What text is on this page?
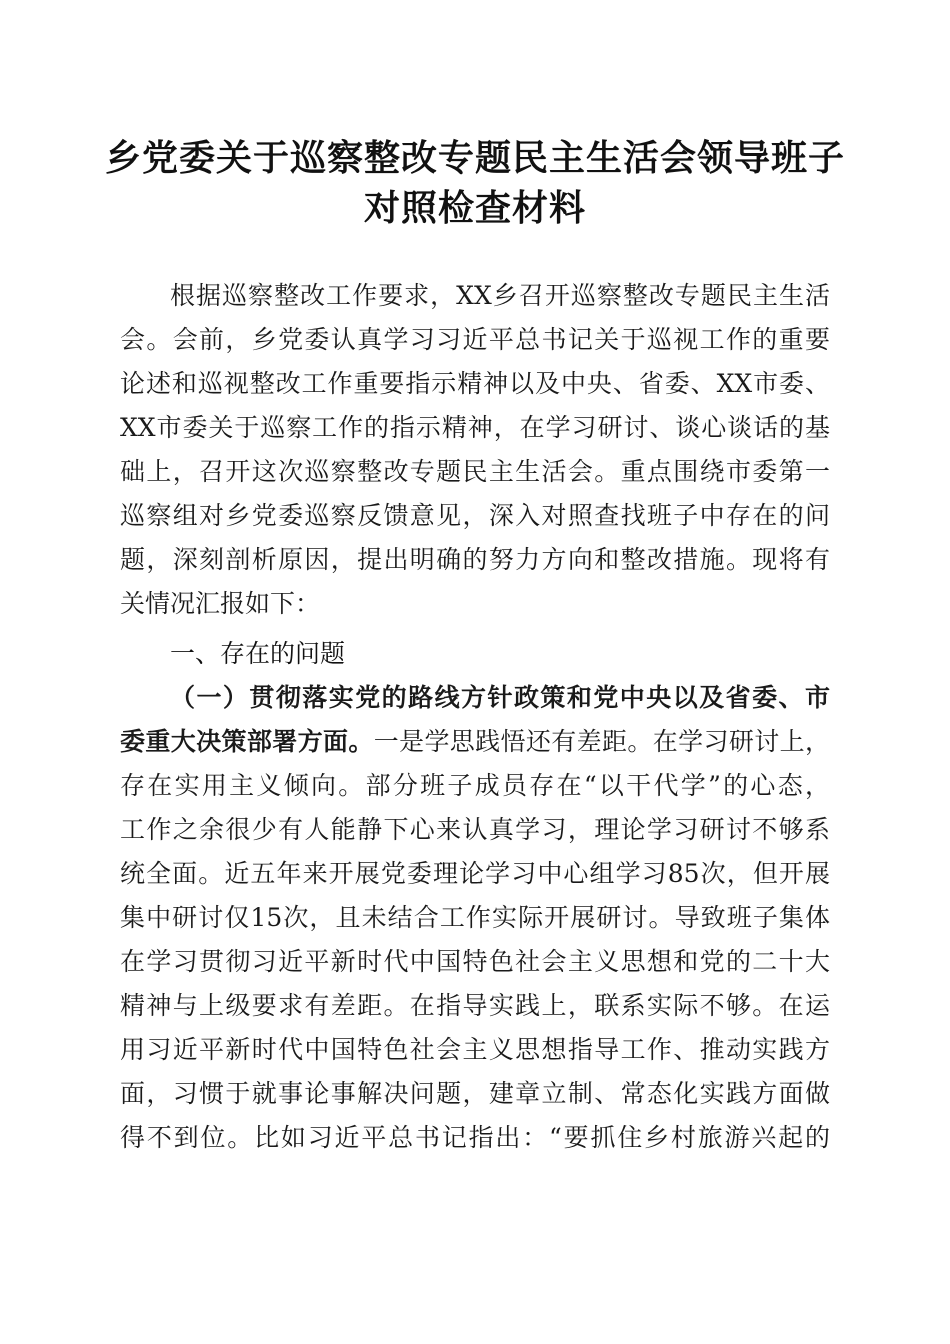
乡党委关于巡察整改专题民主生活会领导班子
对照检查材料
根据巡察整改工作要求，XX乡召开巡察整改专题民主生活
会。会前，乡党委认真学习习近平总书记关于巡视工作的重要
论述和巡视整改工作重要指示精神以及中央、省委、XX市委、
XX市委关于巡察工作的指示精神，在学习研讨、谈心谈话的基
础上，召开这次巡察整改专题民主生活会。重点围绕市委第一
巡察组对乡党委巡察反馈意见，深入对照查找班子中存在的问
题，深刻剖析原因，提出明确的努力方向和整改措施。现将有
关情况汇报如下：
一、存在的问题
（一）贯彻落实党的路线方针政策和党中央以及省委、市
委重大决策部署方面。一是学思践悟还有差距。在学习研讨上，
存在实用主义倾向。部分班子成员存在“以干代学”的心态，
工作之余很少有人能静下心来认真学习，理论学习研讨不够系
统全面。近五年来开展党委理论学习中心组学习85次，但开展
集中研讨仅15次，且未结合工作实际开展研讨。导致班子集体
在学习贯彻习近平新时代中国特色社会主义思想和党的二十大
精神与上级要求有差距。在指导实践上，联系实际不够。在运
用习近平新时代中国特色社会主义思想指导工作、推动实践方
面，习惯于就事论事解决问题，建章立制、常态化实践方面做
得不到位。比如习近平总书记指出：“要抓住乡村旅游兴起的
